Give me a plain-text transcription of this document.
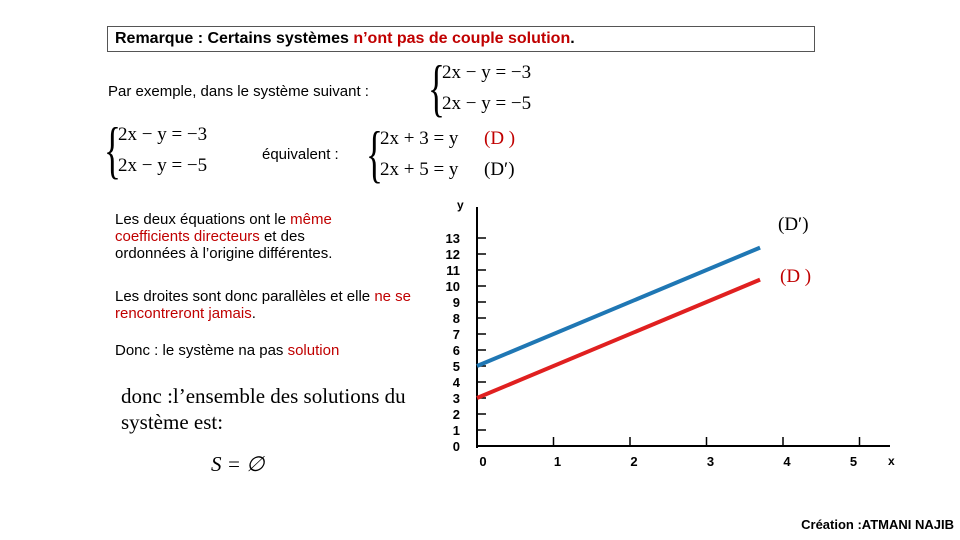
Remarque : Certains systèmes n’ont pas de couple solution.
Par exemple, dans le système suivant : {
2x − y = −3
2x − y = −5
{
2x − y = −3
2x − y = −5
équivalent : {
2x + 3 = y
2x + 5 = y
(D )
(D′)
Les deux équations ont le même coefficients directeurs et des ordonnées à l’origine différentes.
Les droites sont donc parallèles et elle ne se rencontreront jamais.
Donc : le système na pas solution
donc :l’ensemble des solutions du système est:
S = ∅
0
1
2
3
4
5
6
7
8
9
10
11
12
13
0	1	2	3	4	5
y
x
(D′)
(D )
Création :ATMANI NAJIB
